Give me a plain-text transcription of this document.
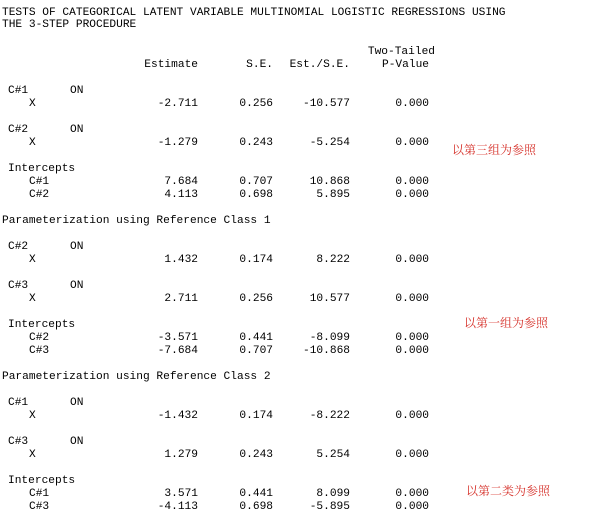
TESTS OF CATEGORICAL LATENT VARIABLE MULTINOMIAL LOGISTIC REGRESSIONS USING
THE 3-STEP PROCEDURE
Two-Tailed
Estimate	S.E.	Est./S.E.	P-Value
C#1	ON
X	-2.711	0.256	-10.577	0.000
C#2	ON
X	-1.279	0.243	-5.254	0.000
Intercepts
C#1	7.684	0.707	10.868	0.000
C#2	4.113	0.698	5.895	0.000
以第三组为参照
Parameterization using Reference Class 1
C#2	ON
X	1.432	0.174	8.222	0.000
C#3	ON
X	2.711	0.256	10.577	0.000
Intercepts
C#2	-3.571	0.441	-8.099	0.000
C#3	-7.684	0.707	-10.868	0.000
以第一组为参照
Parameterization using Reference Class 2
C#1	ON
X	-1.432	0.174	-8.222	0.000
C#3	ON
X	1.279	0.243	5.254	0.000
Intercepts
C#1	3.571	0.441	8.099	0.000
C#3	-4.113	0.698	-5.895	0.000
以第二类为参照
